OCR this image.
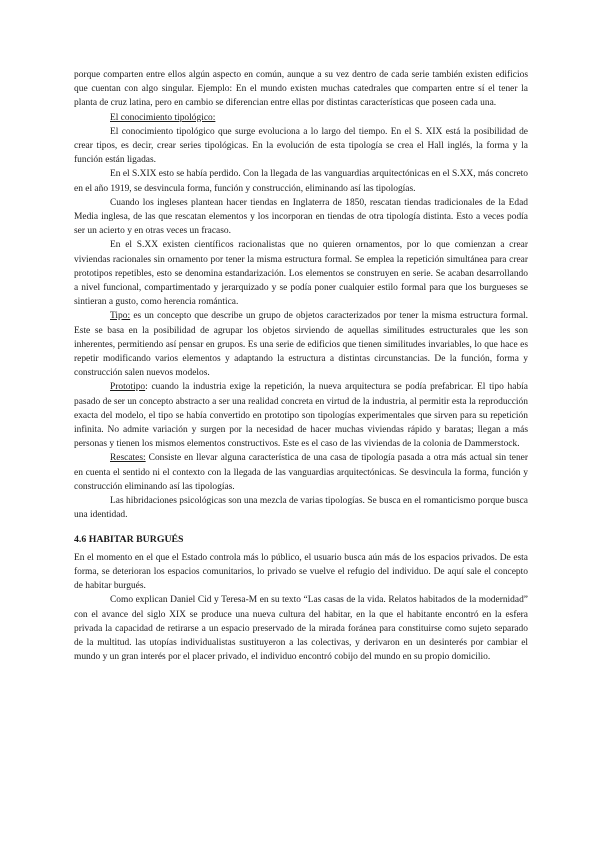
porque comparten entre ellos algún aspecto en común, aunque a su vez dentro de cada serie también existen edificios que cuentan con algo singular. Ejemplo: En el mundo existen muchas catedrales que comparten entre sí el tener la planta de cruz latina, pero en cambio se diferencian entre ellas por distintas características que poseen cada una.

El conocimiento tipológico:

El conocimiento tipológico que surge evoluciona a lo largo del tiempo. En el S. XIX está la posibilidad de crear tipos, es decir, crear series tipológicas. En la evolución de esta tipología se crea el Hall inglés, la forma y la función están ligadas.

En el S.XIX esto se había perdido. Con la llegada de las vanguardias arquitectónicas en el S.XX, más concreto en el año 1919, se desvincula forma, función y construcción, eliminando así las tipologías.

Cuando los ingleses plantean hacer tiendas en Inglaterra de 1850, rescatan tiendas tradicionales de la Edad Media inglesa, de las que rescatan elementos y los incorporan en tiendas de otra tipología distinta. Esto a veces podía ser un acierto y en otras veces un fracaso.

En el S.XX existen científicos racionalistas que no quieren ornamentos, por lo que comienzan a crear viviendas racionales sin ornamento por tener la misma estructura formal. Se emplea la repetición simultánea para crear prototipos repetibles, esto se denomina estandarización. Los elementos se construyen en serie. Se acaban desarrollando a nivel funcional, compartimentado y jerarquizado y se podía poner cualquier estilo formal para que los burgueses se sintieran a gusto, como herencia romántica.

Tipo: es un concepto que describe un grupo de objetos caracterizados por tener la misma estructura formal. Este se basa en la posibilidad de agrupar los objetos sirviendo de aquellas similitudes estructurales que les son inherentes, permitiendo así pensar en grupos. Es una serie de edificios que tienen similitudes invariables, lo que hace es repetir modificando varios elementos y adaptando la estructura a distintas circunstancias. De la función, forma y construcción salen nuevos modelos.

Prototipo: cuando la industria exige la repetición, la nueva arquitectura se podía prefabricar. El tipo había pasado de ser un concepto abstracto a ser una realidad concreta en virtud de la industria, al permitir esta la reproducción exacta del modelo, el tipo se había convertido en prototipo son tipologías experimentales que sirven para su repetición infinita. No admite variación y surgen por la necesidad de hacer muchas viviendas rápido y baratas; llegan a más personas y tienen los mismos elementos constructivos. Este es el caso de las viviendas de la colonia de Dammerstock.

Rescates: Consiste en llevar alguna característica de una casa de tipología pasada a otra más actual sin tener en cuenta el sentido ni el contexto con la llegada de las vanguardias arquitectónicas. Se desvincula la forma, función y construcción eliminando así las tipologías.

Las hibridaciones psicológicas son una mezcla de varias tipologías. Se busca en el romanticismo porque busca una identidad.

4.6 HABITAR BURGUÉS

En el momento en el que el Estado controla más lo público, el usuario busca aún más de los espacios privados. De esta forma, se deterioran los espacios comunitarios, lo privado se vuelve el refugio del individuo. De aquí sale el concepto de habitar burgués.

Como explican Daniel Cid y Teresa-M en su texto “Las casas de la vida. Relatos habitados de la modernidad” con el avance del siglo XIX se produce una nueva cultura del habitar, en la que el habitante encontró en la esfera privada la capacidad de retirarse a un espacio preservado de la mirada foránea para constituirse como sujeto separado de la multitud. las utopías individualistas sustituyeron a las colectivas, y derivaron en un desinterés por cambiar el mundo y un gran interés por el placer privado, el individuo encontró cobijo del mundo en su propio domicilio.
